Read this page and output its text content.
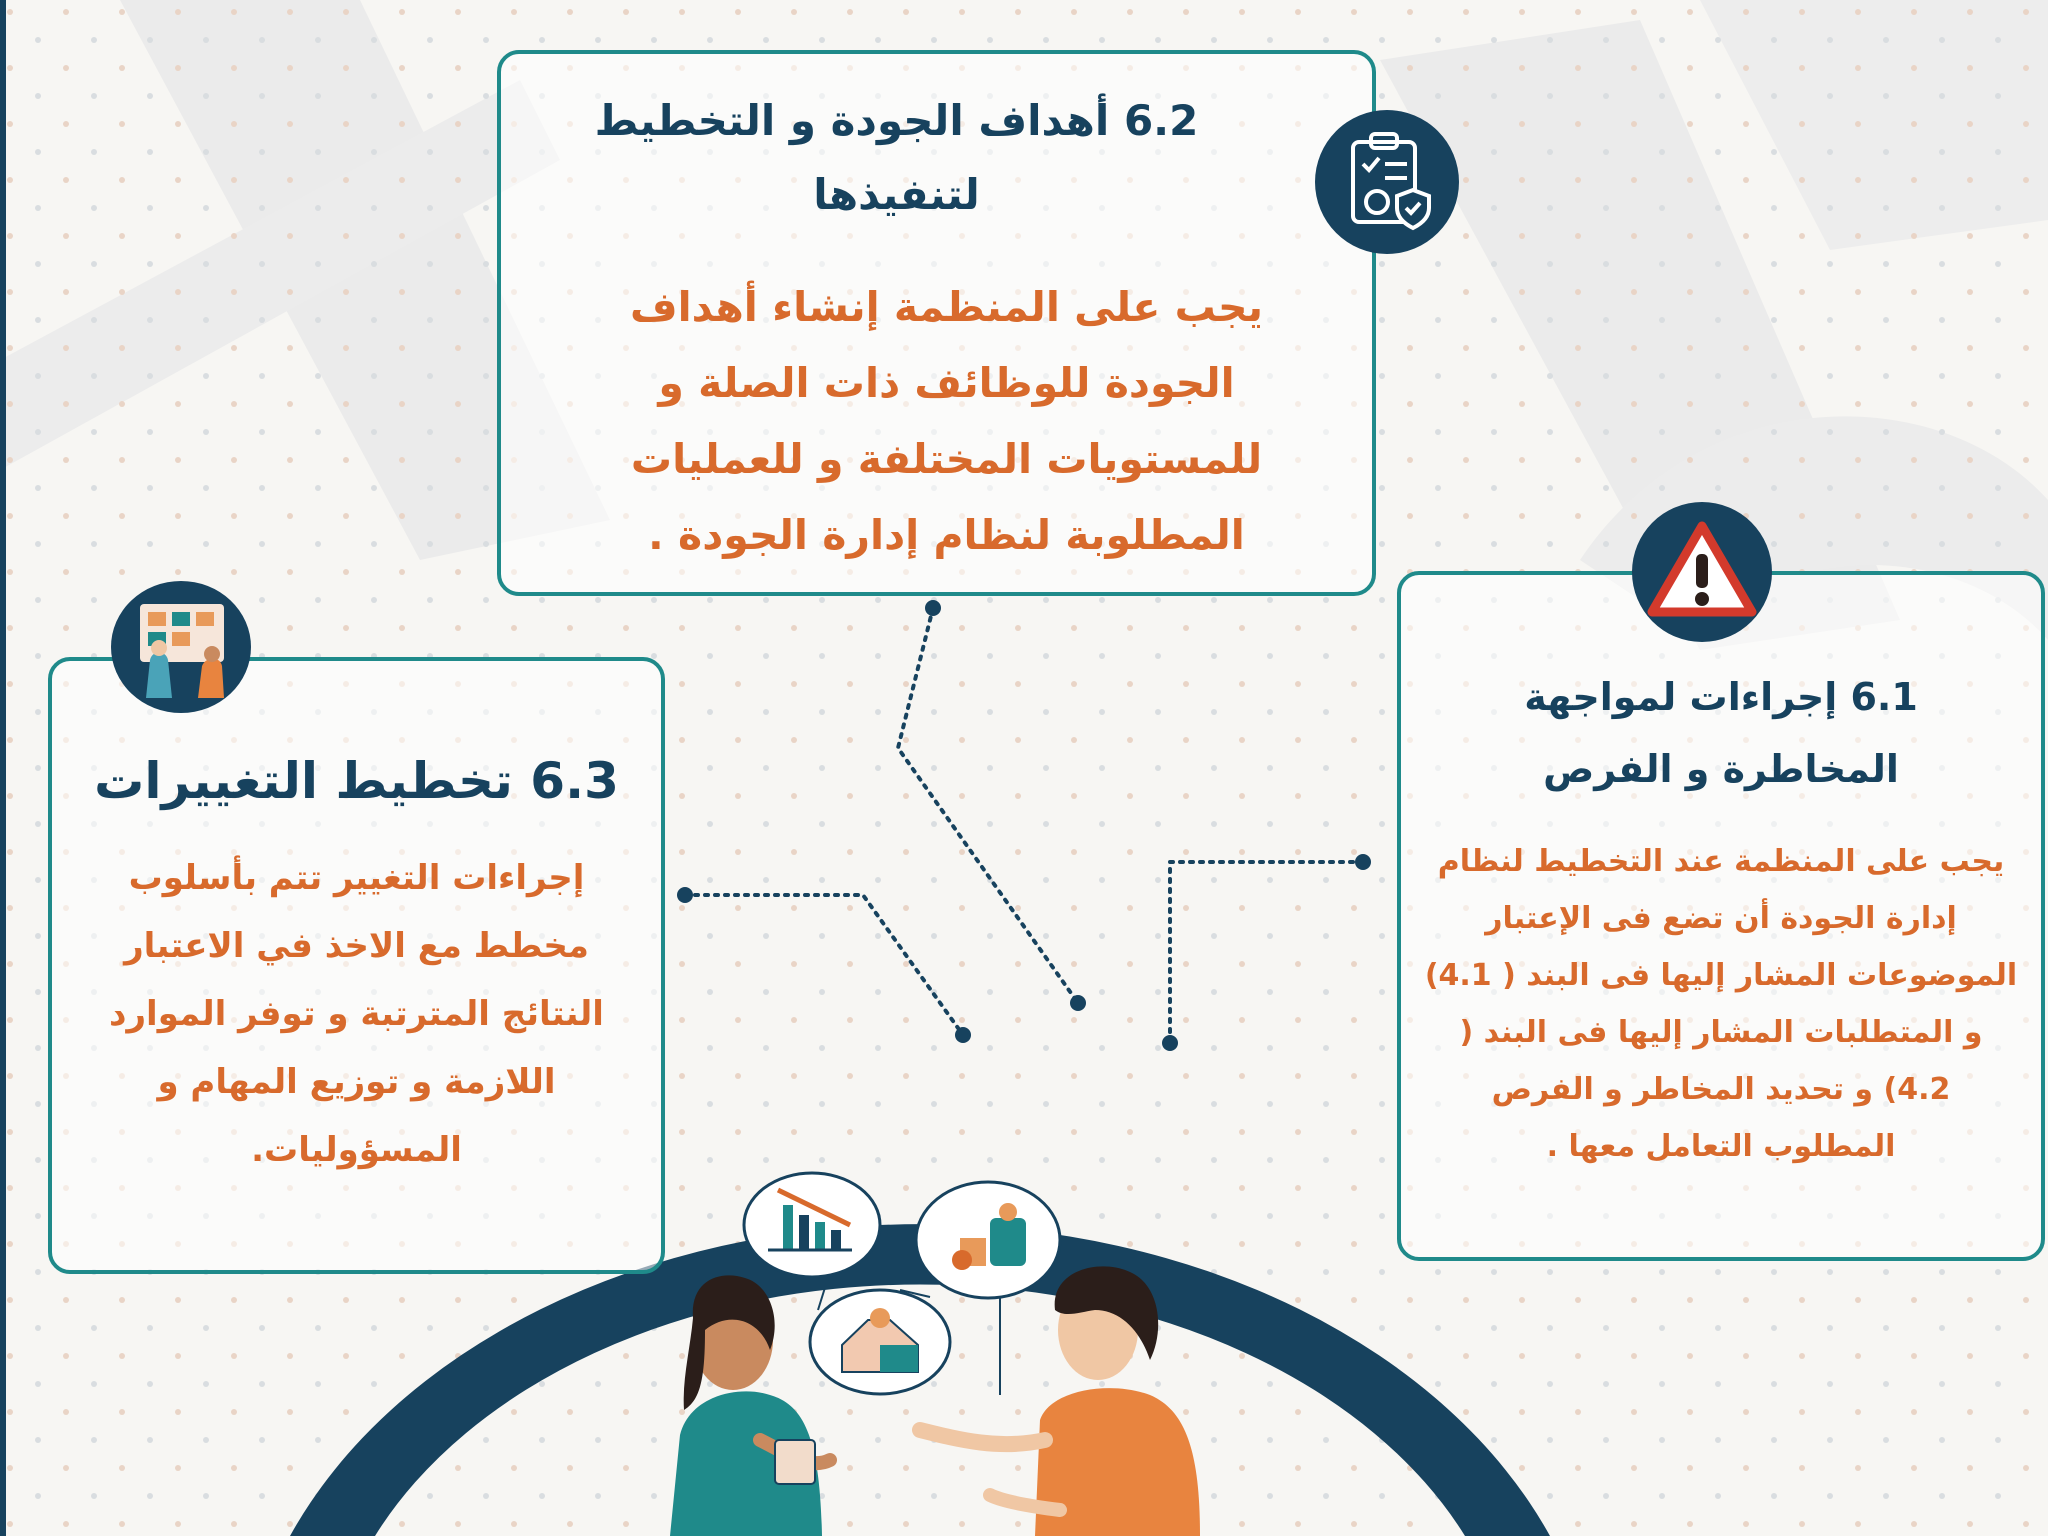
6.2 أهداف الجودة و التخطيط لتنفيذها

يجب على المنظمة إنشاء أهداف الجودة للوظائف ذات الصلة و للمستويات المختلفة و للعمليات المطلوبة لنظام إدارة الجودة .

6.1 إجراءات لمواجهة المخاطرة و الفرص

يجب على المنظمة عند التخطيط لنظام إدارة الجودة أن تضع فى الإعتبار الموضوعات المشار إليها فى البند ( 4.1) و المتطلبات المشار إليها فى البند ( 4.2) و تحديد المخاطر و الفرص المطلوب التعامل معها .

6.3 تخطيط التغييرات

إجراءات التغيير تتم بأسلوب مخطط مع الاخذ في الاعتبار النتائج المترتبة و توفر الموارد اللازمة و توزيع المهام و المسؤوليات.
